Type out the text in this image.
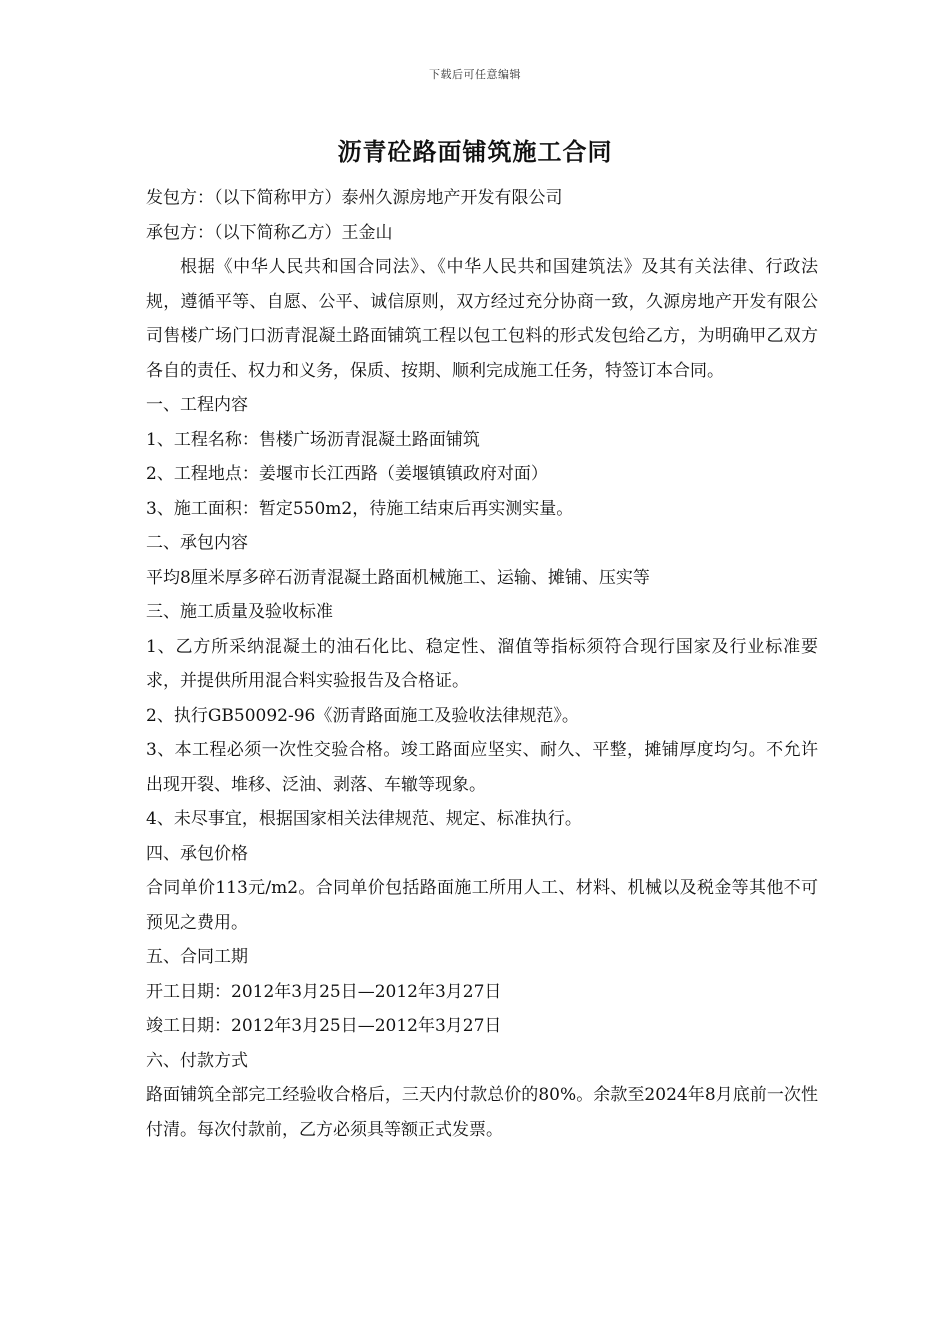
下载后可任意编辑
沥青砼路面铺筑施工合同
发包方：（以下简称甲方）泰州久源房地产开发有限公司
承包方：（以下简称乙方）王金山
根据《中华人民共和国合同法》、《中华人民共和国建筑法》及其有关法律、行政法规，遵循平等、自愿、公平、诚信原则，双方经过充分协商一致，久源房地产开发有限公司售楼广场门口沥青混凝土路面铺筑工程以包工包料的形式发包给乙方，为明确甲乙双方各自的责任、权力和义务，保质、按期、顺利完成施工任务，特签订本合同。
一、工程内容
1、工程名称：售楼广场沥青混凝土路面铺筑
2、工程地点：姜堰市长江西路（姜堰镇镇政府对面）
3、施工面积：暂定550m2，待施工结束后再实测实量。
二、承包内容
平均8厘米厚多碎石沥青混凝土路面机械施工、运输、摊铺、压实等
三、施工质量及验收标准
1、乙方所采纳混凝土的油石化比、稳定性、溜值等指标须符合现行国家及行业标准要求，并提供所用混合料实验报告及合格证。
2、执行GB50092-96《沥青路面施工及验收法律规范》。
3、本工程必须一次性交验合格。竣工路面应坚实、耐久、平整，摊铺厚度均匀。不允许出现开裂、堆移、泛油、剥落、车辙等现象。
4、未尽事宜，根据国家相关法律规范、规定、标准执行。
四、承包价格
合同单价113元/m2。合同单价包括路面施工所用人工、材料、机械以及税金等其他不可预见之费用。
五、合同工期
开工日期：2012年3月25日—2012年3月27日
竣工日期：2012年3月25日—2012年3月27日
六、付款方式
路面铺筑全部完工经验收合格后，三天内付款总价的80%。余款至2024年8月底前一次性付清。每次付款前，乙方必须具等额正式发票。
